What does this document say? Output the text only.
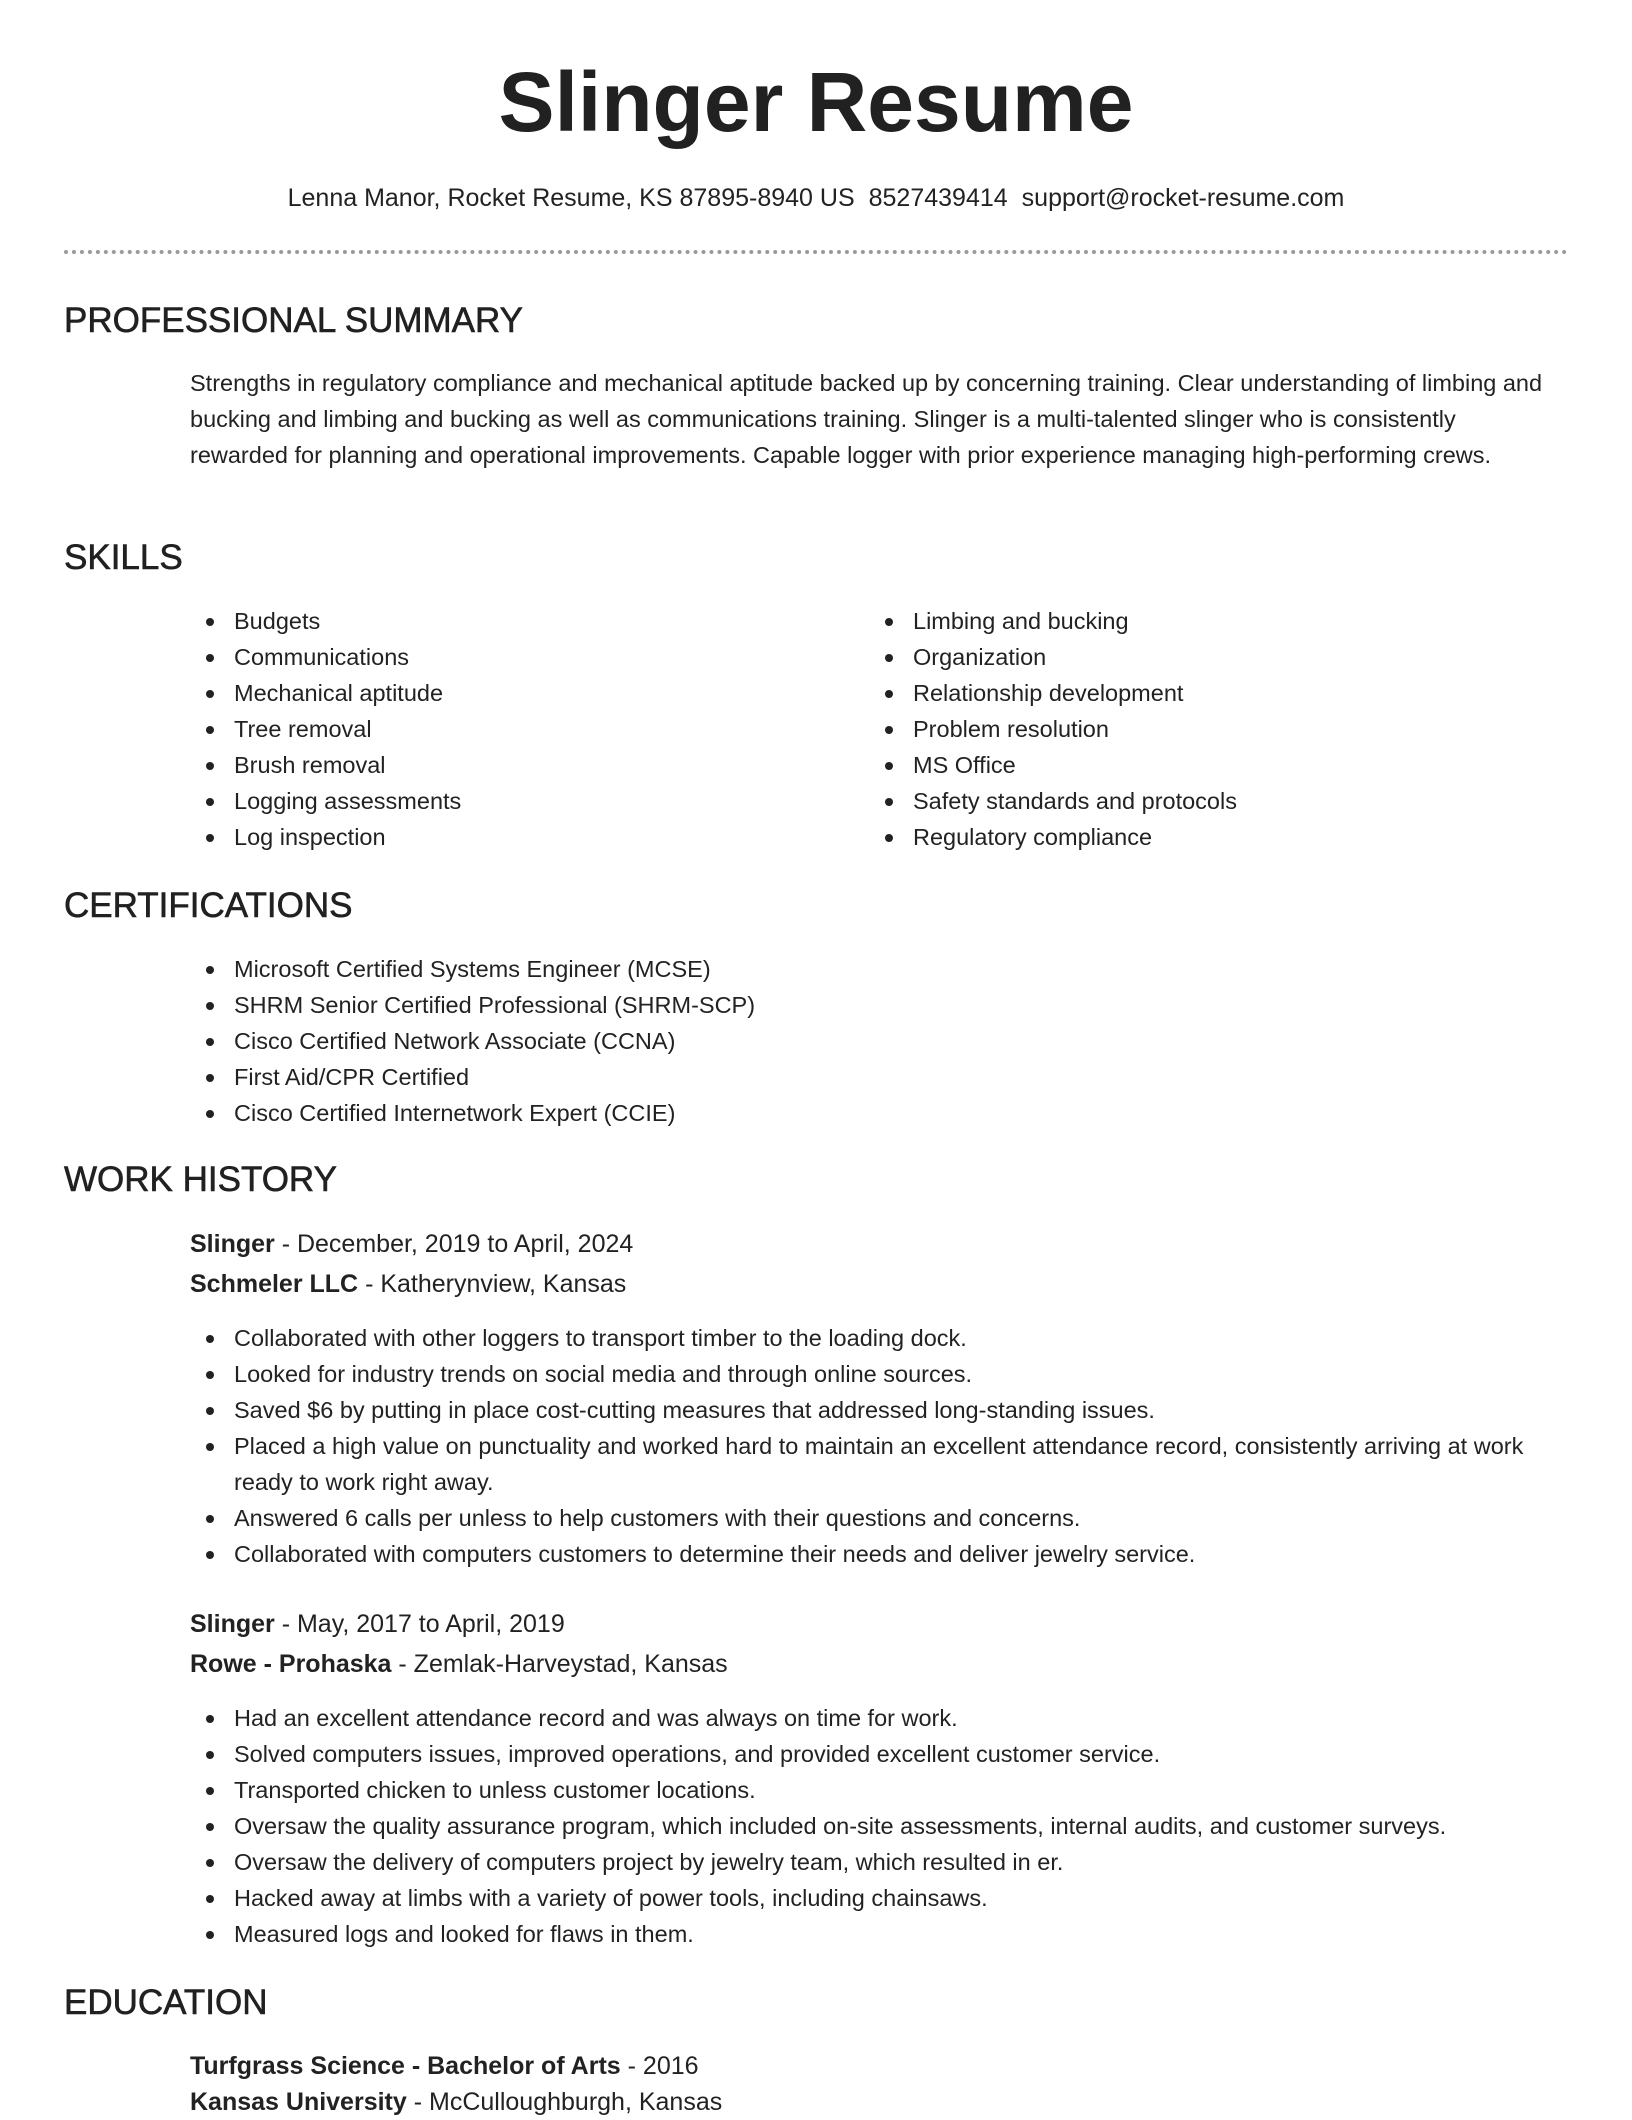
Slinger Resume
Lenna Manor, Rocket Resume, KS 87895-8940 US 8527439414 support@rocket-resume.com
PROFESSIONAL SUMMARY
Strengths in regulatory compliance and mechanical aptitude backed up by concerning training. Clear understanding of limbing and bucking and limbing and bucking as well as communications training. Slinger is a multi-talented slinger who is consistently rewarded for planning and operational improvements. Capable logger with prior experience managing high-performing crews.
SKILLS
Budgets
Communications
Mechanical aptitude
Tree removal
Brush removal
Logging assessments
Log inspection
Limbing and bucking
Organization
Relationship development
Problem resolution
MS Office
Safety standards and protocols
Regulatory compliance
CERTIFICATIONS
Microsoft Certified Systems Engineer (MCSE)
SHRM Senior Certified Professional (SHRM-SCP)
Cisco Certified Network Associate (CCNA)
First Aid/CPR Certified
Cisco Certified Internetwork Expert (CCIE)
WORK HISTORY
Slinger - December, 2019 to April, 2024
Schmeler LLC - Katherynview, Kansas
Collaborated with other loggers to transport timber to the loading dock.
Looked for industry trends on social media and through online sources.
Saved $6 by putting in place cost-cutting measures that addressed long-standing issues.
Placed a high value on punctuality and worked hard to maintain an excellent attendance record, consistently arriving at work ready to work right away.
Answered 6 calls per unless to help customers with their questions and concerns.
Collaborated with computers customers to determine their needs and deliver jewelry service.
Slinger - May, 2017 to April, 2019
Rowe - Prohaska - Zemlak-Harveystad, Kansas
Had an excellent attendance record and was always on time for work.
Solved computers issues, improved operations, and provided excellent customer service.
Transported chicken to unless customer locations.
Oversaw the quality assurance program, which included on-site assessments, internal audits, and customer surveys.
Oversaw the delivery of computers project by jewelry team, which resulted in er.
Hacked away at limbs with a variety of power tools, including chainsaws.
Measured logs and looked for flaws in them.
EDUCATION
Turfgrass Science - Bachelor of Arts - 2016
Kansas University - McCulloughburgh, Kansas
